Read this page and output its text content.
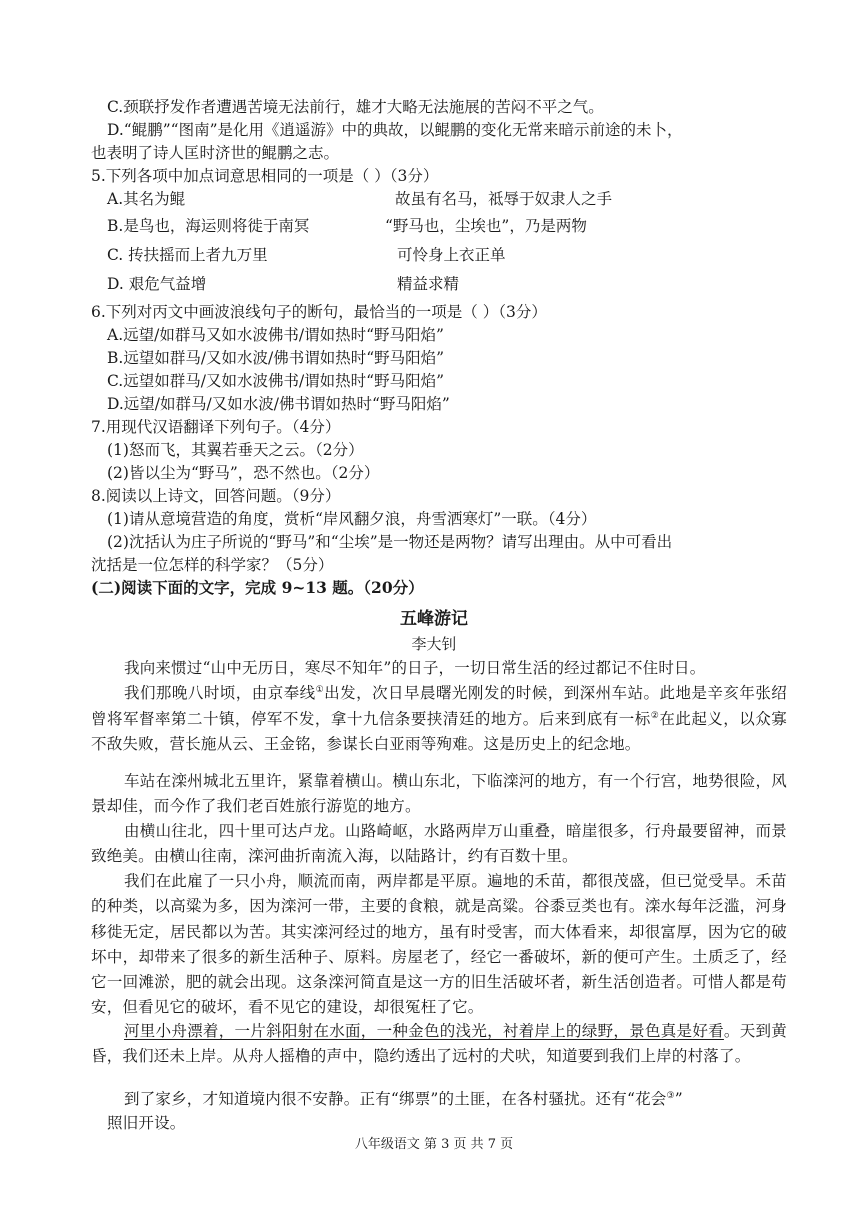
C.颈联抒发作者遭遇苦境无法前行，雄才大略无法施展的苦闷不平之气。
D.“鲲鹏”“图南”是化用《逍遥游》中的典故，以鲲鹏的变化无常来暗示前途的未卜，
也表明了诗人匡时济世的鲲鹏之志。
5.下列各项中加点词意思相同的一项是（ ）（3分）
A.其名为鲲	故虽有名马，祗辱于奴隶人之手
B.是鸟也，海运则将徙于南冥	“野马也，尘埃也”，乃是两物
C. 抟扶摇而上者九万里	可怜身上衣正单
D. 艰危气益增	精益求精
6.下列对丙文中画波浪线句子的断句，最恰当的一项是（ ）（3分）
A.远望/如群马又如水波佛书/谓如热时“野马阳焰”
B.远望如群马/又如水波/佛书谓如热时“野马阳焰”
C.远望如群马/又如水波佛书/谓如热时“野马阳焰”
D.远望/如群马/又如水波/佛书谓如热时“野马阳焰”
7.用现代汉语翻译下列句子。（4分）
(1)怒而飞，其翼若垂天之云。（2分）
(2)皆以尘为“野马”，恐不然也。（2分）
8.阅读以上诗文，回答问题。（9分）
(1)请从意境营造的角度，赏析“岸风翻夕浪，舟雪洒寒灯”一联。（4分）
(2)沈括认为庄子所说的“野马”和“尘埃”是一物还是两物？请写出理由。从中可看出
沈括是一位怎样的科学家？（5分）
(二)阅读下面的文字，完成 9~13 题。（20分）
五峰游记
李大钊
我向来惯过“山中无历日，寒尽不知年”的日子，一切日常生活的经过都记不住时日。
我们那晚八时顷，由京奉线①出发，次日早晨曙光刚发的时候，到深州车站。此地是辛亥年张绍曾将军督率第二十镇，停军不发，拿十九信条要挟清廷的地方。后来到底有一标②在此起义，以众寡不敌失败，营长施从云、王金铭，参谋长白亚雨等殉难。这是历史上的纪念地。
车站在滦州城北五里许，紧靠着横山。横山东北，下临滦河的地方，有一个行宫，地势很险，风景却佳，而今作了我们老百姓旅行游览的地方。
由横山往北，四十里可达卢龙。山路崎岖，水路两岸万山重叠，暗崖很多，行舟最要留神，而景致绝美。由横山往南，滦河曲折南流入海，以陆路计，约有百数十里。
我们在此雇了一只小舟，顺流而南，两岸都是平原。遍地的禾苗，都很茂盛，但已觉受旱。禾苗的种类，以高粱为多，因为滦河一带，主要的食粮，就是高粱。谷黍豆类也有。滦水每年泛滥，河身移徙无定，居民都以为苦。其实滦河经过的地方，虽有时受害，而大体看来，却很富厚，因为它的破坏中，却带来了很多的新生活种子、原料。房屋老了，经它一番破坏，新的便可产生。土质乏了，经它一回滩淤，肥的就会出现。这条滦河简直是这一方的旧生活破坏者，新生活创造者。可惜人都是苟安，但看见它的破坏，看不见它的建设，却很冤枉了它。
河里小舟漂着，一片斜阳射在水面，一种金色的浅光，衬着岸上的绿野，景色真是好看。天到黄昏，我们还未上岸。从舟人摇橹的声中，隐约透出了远村的犬吠，知道要到我们上岸的村落了。
到了家乡，才知道境内很不安静。正有“绑票”的土匪，在各村骚扰。还有“花会③”
照旧开设。
八年级语文 第 3 页 共 7 页
